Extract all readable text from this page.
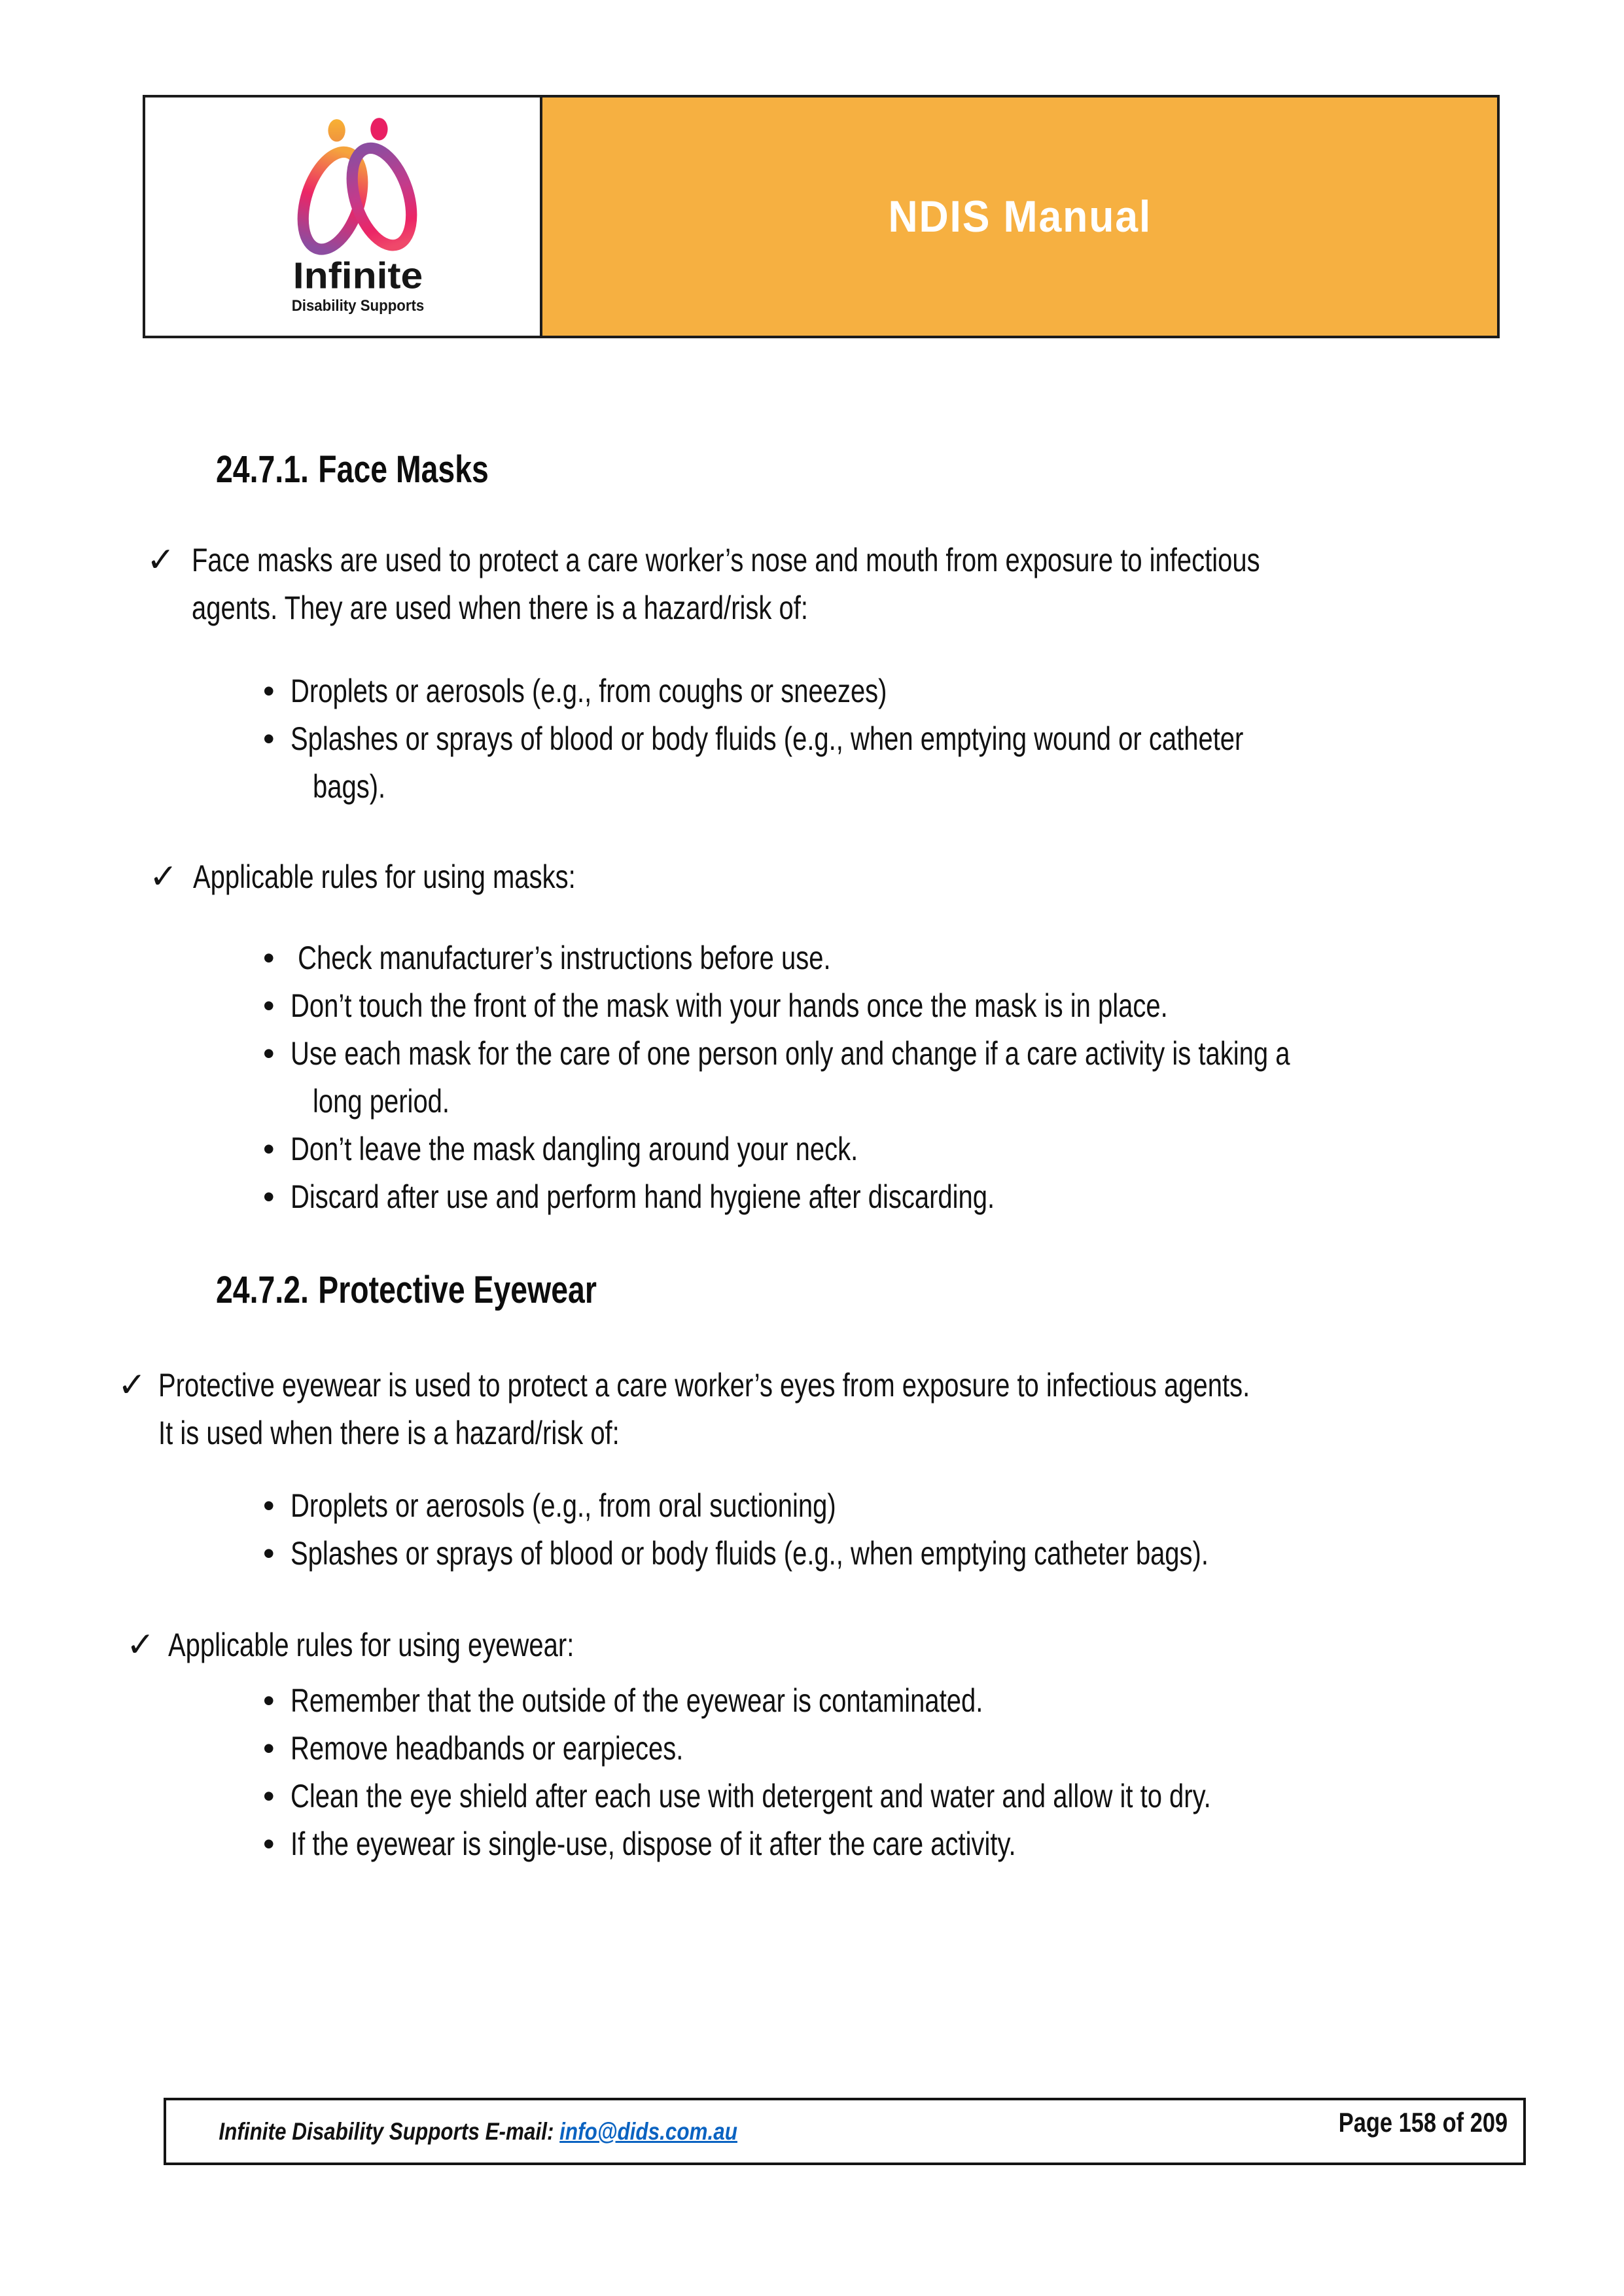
Infinite
Disability Supports
NDIS Manual
24.7.1. Face Masks
✓ Face masks are used to protect a care worker’s nose and mouth from exposure to infectious
agents. They are used when there is a hazard/risk of:
• Droplets or aerosols (e.g., from coughs or sneezes)
• Splashes or sprays of blood or body fluids (e.g., when emptying wound or catheter
bags).
✓ Applicable rules for using masks:
• Check manufacturer’s instructions before use.
• Don’t touch the front of the mask with your hands once the mask is in place.
• Use each mask for the care of one person only and change if a care activity is taking a
long period.
• Don’t leave the mask dangling around your neck.
• Discard after use and perform hand hygiene after discarding.
24.7.2. Protective Eyewear
✓ Protective eyewear is used to protect a care worker’s eyes from exposure to infectious agents.
It is used when there is a hazard/risk of:
• Droplets or aerosols (e.g., from oral suctioning)
• Splashes or sprays of blood or body fluids (e.g., when emptying catheter bags).
✓ Applicable rules for using eyewear:
• Remember that the outside of the eyewear is contaminated.
• Remove headbands or earpieces.
• Clean the eye shield after each use with detergent and water and allow it to dry.
• If the eyewear is single-use, dispose of it after the care activity.

Infinite Disability Supports E-mail: info@dids.com.au
	Page 158 of 209
